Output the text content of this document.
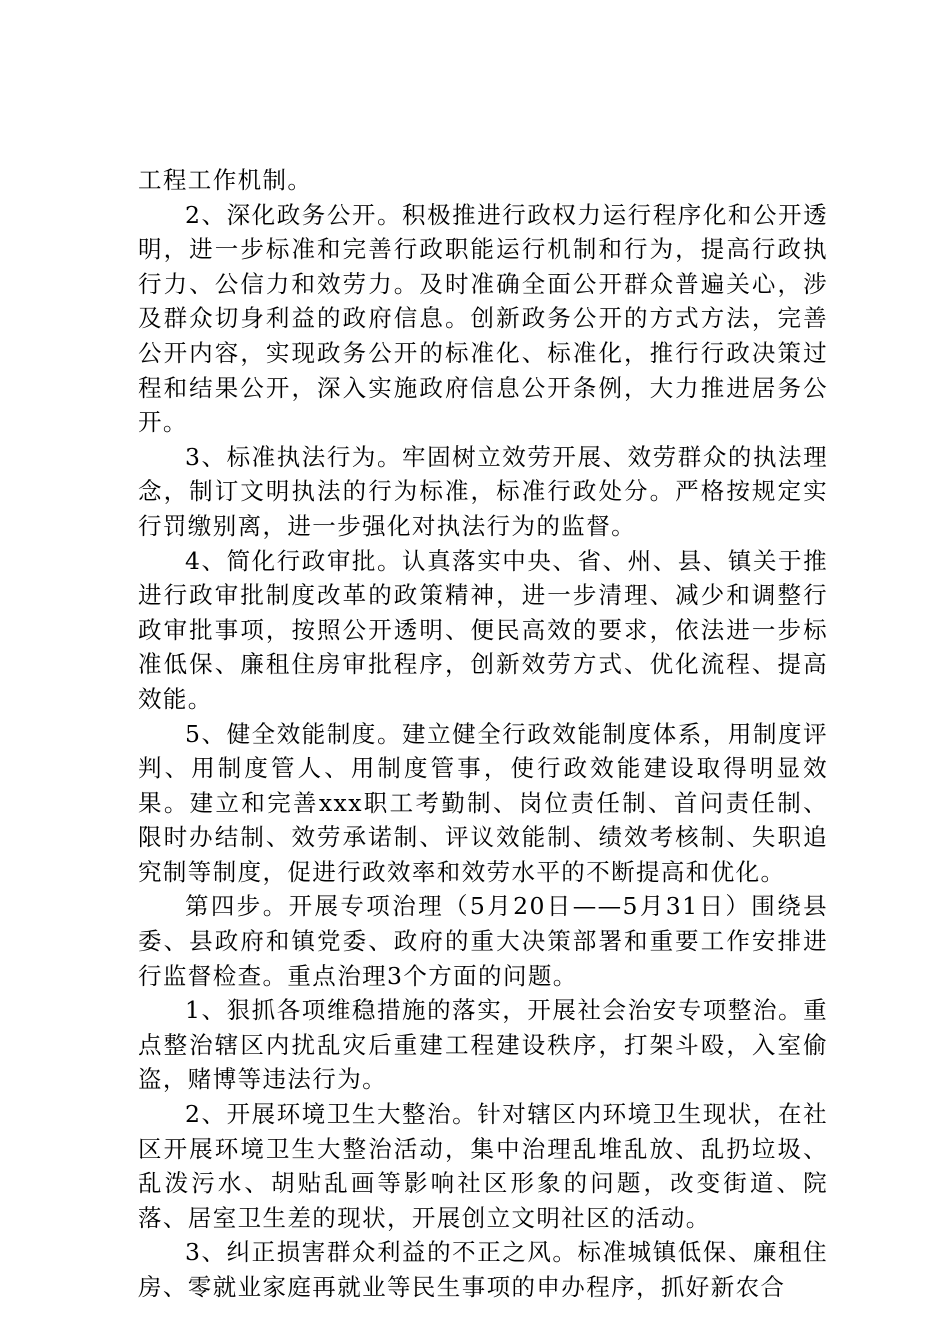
工程工作机制。

2、深化政务公开。积极推进行政权力运行程序化和公开透明，进一步标准和完善行政职能运行机制和行为，提高行政执行力、公信力和效劳力。及时准确全面公开群众普遍关心，涉及群众切身利益的政府信息。创新政务公开的方式方法，完善公开内容，实现政务公开的标准化、标准化，推行行政决策过程和结果公开，深入实施政府信息公开条例，大力推进居务公开。

3、标准执法行为。牢固树立效劳开展、效劳群众的执法理念，制订文明执法的行为标准，标准行政处分。严格按规定实行罚缴别离，进一步强化对执法行为的监督。

4、简化行政审批。认真落实中央、省、州、县、镇关于推进行政审批制度改革的政策精神，进一步清理、减少和调整行政审批事项，按照公开透明、便民高效的要求，依法进一步标准低保、廉租住房审批程序，创新效劳方式、优化流程、提高效能。

5、健全效能制度。建立健全行政效能制度体系，用制度评判、用制度管人、用制度管事，使行政效能建设取得明显效果。建立和完善xxx职工考勤制、岗位责任制、首问责任制、限时办结制、效劳承诺制、评议效能制、绩效考核制、失职追究制等制度，促进行政效率和效劳水平的不断提高和优化。

第四步。开展专项治理（5月20日——5月31日）围绕县委、县政府和镇党委、政府的重大决策部署和重要工作安排进行监督检查。重点治理3个方面的问题。

1、狠抓各项维稳措施的落实，开展社会治安专项整治。重点整治辖区内扰乱灾后重建工程建设秩序，打架斗殴，入室偷盗，赌博等违法行为。

2、开展环境卫生大整治。针对辖区内环境卫生现状，在社区开展环境卫生大整治活动，集中治理乱堆乱放、乱扔垃圾、乱泼污水、胡贴乱画等影响社区形象的问题，改变街道、院落、居室卫生差的现状，开展创立文明社区的活动。

3、纠正损害群众利益的不正之风。标准城镇低保、廉租住房、零就业家庭再就业等民生事项的申办程序，抓好新农合
